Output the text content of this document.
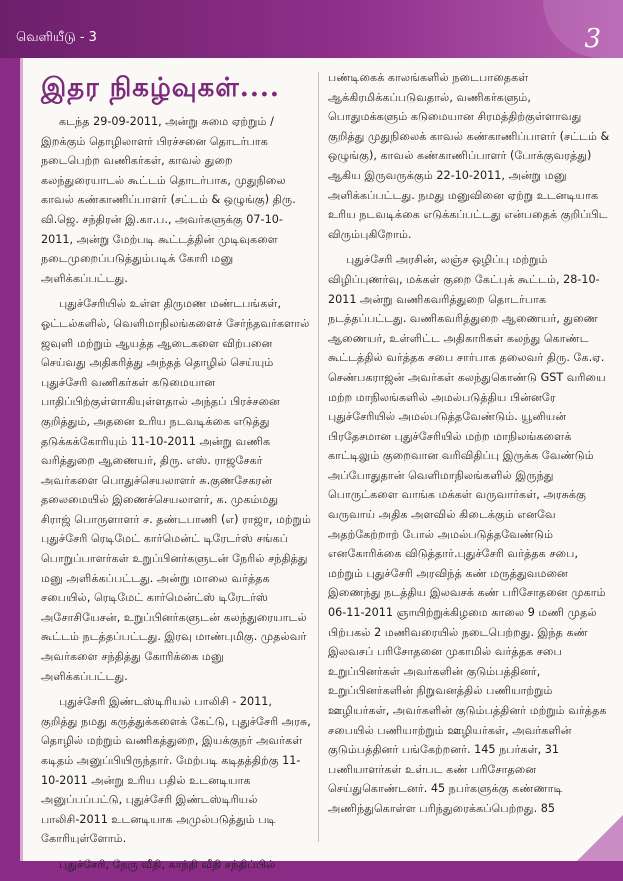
வெளியீடு - 3	3
இதர நிகழ்வுகள்....

கடந்த 29-09-2011, அன்று சுமை ஏற்றும் / இறக்கும் தொழிலாளர் பிரச்சனை தொடர்பாக நடைபெற்ற வணிகர்கள், காவல் துறை கலந்துரையாடல் கூட்டம் தொடர்பாக, முதுநிலை காவல் கண்காணிப்பாளர் (சட்டம் & ஒழுங்கு) திரு. வி.ஜெ. சந்திரன் இ.கா.ப., அவர்களுக்கு 07-10-2011, அன்று மேற்படி கூட்டத்தின் முடிவுகளை நடைமுறைப்படுத்தும்படிக் கோரி மனு அளிக்கப்பட்டது.

புதுச்சேரியில் உள்ள திருமண மண்டபங்கள், ஓட்டல்களில், வெளிமாநிலங்களைச் சேர்ந்தவர்களால் ஜவுளி மற்றும் ஆயத்த ஆடைகளை விற்பனை செய்வது அதிகரித்து அந்தத் தொழில் செய்யும் புதுச்சேரி வணிகர்கள் கடுமையான பாதிப்பிற்குள்ளாகியுள்ளதால் அந்தப் பிரச்சனை குறித்தும், அதனை உரிய நடவடிக்கை எடுத்து தடுக்கக்கோரியும் 11-10-2011 அன்று வணிக வரித்துறை ஆணையர், திரு. எஸ். ராஜசேகர் அவர்களை பொதுச்செயலாளர் சு.குணசேகரன் தலைமையில் இணைச்செயலாளர், க. முகம்மது சிராஜ் பொருளாளர் ச. தண்டபாணி (எ) ராஜா, மற்றும் புதுச்சேரி ரெடிமேட் கார்மென்ட் டிரேடர்ஸ் சங்கப் பொறுப்பாளர்கள் உறுப்பினர்களுடன் நேரில் சந்தித்து மனு அளிக்கப்பட்டது. அன்று மாலை வர்த்தக சபையில், ரெடிமேட் கார்மென்ட்ஸ் டிரேடர்ஸ் அசோசியேசன், உறுப்பினர்களுடன் கலந்துரையாடல் கூட்டம் நடத்தப்பட்டது. இரவு மாண்புமிகு. முதல்வர் அவர்களை சந்தித்து கோரிக்கை மனு அளிக்கப்பட்டது.

புதுச்சேரி இண்டஸ்டிரியல் பாலிசி - 2011, குறித்து நமது கருத்துக்களைக் கேட்டு, புதுச்சேரி அரசு, தொழில் மற்றும் வணிகத்துறை, இயக்குநர் அவர்கள் கடிதம் அனுப்பியிருந்தார். மேற்படி கடிதத்திற்கு 11-10-2011 அன்று உரிய பதில் உடனடியாக அனுப்பப்பட்டு, புதுச்சேரி இண்டஸ்டிரியல் பாலிசி-2011 உடனடியாக அமுல்படுத்தும் படி கோரியுள்ளோம்.

புதுச்சேரி, நேரு வீதி, காந்தி வீதி சந்திப்பில்

பண்டிகைக் காலங்களில் நடைபாதைகள் ஆக்கிரமிக்கப்படுவதால், வணிகர்களும், பொதுமக்களும் கடுமையான சிரமத்திற்குள்ளாவது குறித்து முதுநிலைக் காவல் கண்காணிப்பாளர் (சட்டம் & ஒழுங்கு), காவல் கண்காணிப்பாளர் (போக்குவரத்து) ஆகிய இருவருக்கும் 22-10-2011, அன்று மனு அளிக்கப்பட்டது. நமது மனுவினை ஏற்று உடனடியாக உரிய நடவடிக்கை எடுக்கப்பட்டது என்பதைக் குறிப்பிட விரும்புகிறோம்.

புதுச்சேரி அரசின், லஞ்ச ஒழிப்பு மற்றும் விழிப்புணர்வு, மக்கள் குறை கேட்புக் கூட்டம், 28-10-2011 அன்று வணிகவரித்துறை தொடர்பாக நடத்தப்பட்டது. வணிகவரித்துறை ஆணையர், துணை ஆணையர், உள்ளிட்ட அதிகாரிகள் கலந்து கொண்ட கூட்டத்தில் வர்த்தக சபை சார்பாக தலைவர் திரு. கே.ஏ. செண்பகராஜன் அவர்கள் கலந்துகொண்டு GST வரியை மற்ற மாநிலங்களில் அமல்படுத்திய பின்னரே புதுச்சேரியில் அமல்படுத்தவேண்டும். யூனியன் பிரதேசமான புதுச்சேரியில் மற்ற மாநிலங்களைக் காட்டிலும் குறைவான வரிவிதிப்பு இருக்க வேண்டும் அப்போதுதான் வெளிமாநிலங்களில் இருந்து பொருட்களை வாங்க மக்கள் வருவார்கள், அரசுக்கு வருவாய் அதிக அளவில் கிடைக்கும் எனவே அதற்கேற்றாற் போல் அமல்படுத்தவேண்டும் எனகோரிக்கை விடுத்தார்.புதுச்சேரி வர்த்தக சபை, மற்றும் புதுச்சேரி அரவிந்த் கண் மருத்துவமனை இணைந்து நடத்திய இலவசக் கண் பரிசோதனை முகாம் 06-11-2011 ஞாயிற்றுக்கிழமை காலை 9 மணி முதல் பிற்பகல் 2 மணிவரையில் நடைபெற்றது. இந்த கண் இலவசப் பரிசோதனை முகாமில் வர்த்தக சபை உறுப்பினர்கள் அவர்களின் குடும்பத்தினர், உறுப்பினர்களின் நிறுவனத்தில் பணியாற்றும் ஊழியர்கள், அவர்களின் குடும்பத்தினர் மற்றும் வர்த்தக சபையில் பணியாற்றும் ஊழியர்கள், அவர்களின் குடும்பத்தினர் பங்கேற்றனர். 145 நபர்கள், 31 பணியாளர்கள் உள்பட கண் பரிசோதனை செய்துகொண்டனர். 45 நபர்களுக்கு கண்ணாடி அணிந்துகொள்ள பரிந்துரைக்கப்பெற்றது. 85
